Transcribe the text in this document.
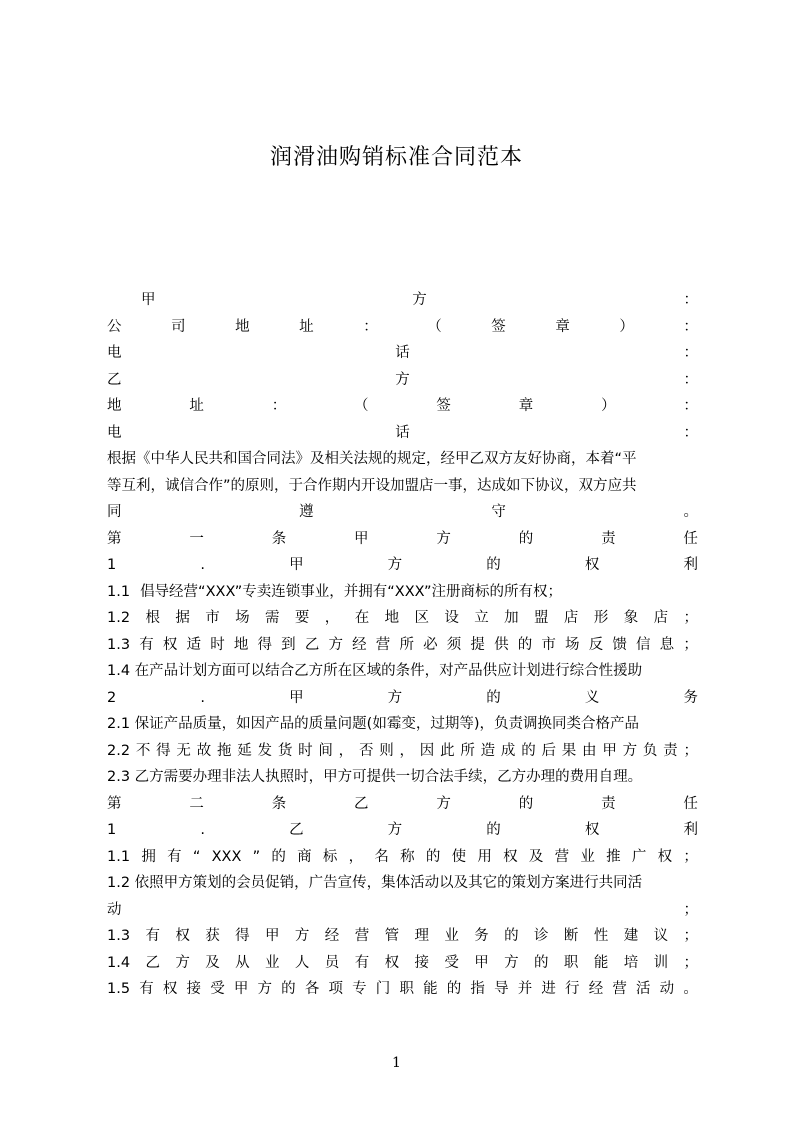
润滑油购销标准合同范本
甲	方	：
公	司	地	址	：	（	签	章	）	：
电	话	：
乙	方	：
地	址	：	（	签	章	）	：
电	话	：
根据《中华人民共和国合同法》及相关法规的规定，经甲乙双方友好协商，本着“平
等互利，诚信合作”的原则，于合作期内开设加盟店一事，达成如下协议，双方应共
同	遵	守	。
第	一	条	甲	方	的	责	任
1	.	甲	方	的	权	利
1.1 倡导经营“XXX”专卖连锁事业，并拥有“XXX”注册商标的所有权；
1.2 根 据 市 场 需 要 ， 在 地 区 设 立 加 盟 店 形 象 店 ；
1.3 有 权 适 时 地 得 到 乙 方 经 营 所 必 须 提 供 的 市 场 反 馈 信 息 ；
1.4 在产品计划方面可以结合乙方所在区域的条件，对产品供应计划进行综合性援助
2	.	甲	方	的	义	务
2.1 保证产品质量，如因产品的质量问题(如霉变，过期等)，负责调换同类合格产品
2.2 不 得 无 故 拖 延 发 货 时 间 ， 否 则 ， 因 此 所 造 成 的 后 果 由 甲 方 负 责 ；
2.3 乙方需要办理非法人执照时，甲方可提供一切合法手续，乙方办理的费用自理。
第	二	条	乙	方	的	责	任
1	.	乙	方	的	权	利
1.1 拥 有 “ XXX ” 的 商 标 ， 名 称 的 使 用 权 及 营 业 推 广 权 ；
1.2 依照甲方策划的会员促销，广告宣传，集体活动以及其它的策划方案进行共同活
动	；
1.3 有 权 获 得 甲 方 经 营 管 理 业 务 的 诊 断 性 建 议 ；
1.4 乙 方 及 从 业 人 员 有 权 接 受 甲 方 的 职 能 培 训 ；
1.5 有 权 接 受 甲 方 的 各 项 专 门 职 能 的 指 导 并 进 行 经 营 活 动 。
1
